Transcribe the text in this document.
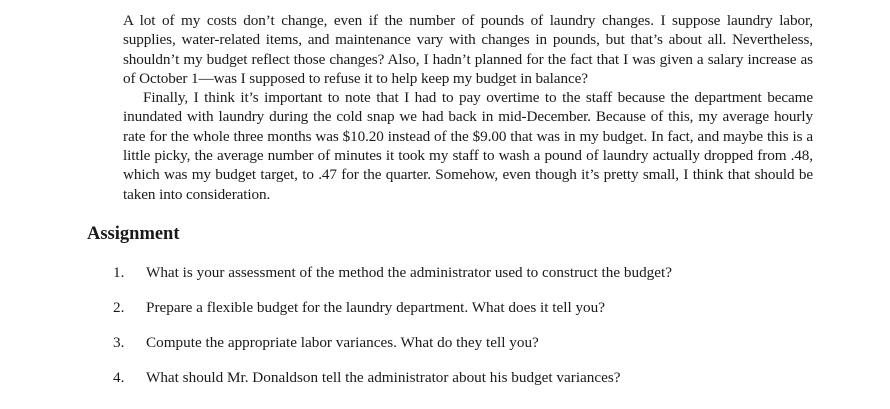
A lot of my costs don’t change, even if the number of pounds of laundry changes. I suppose laundry labor, supplies, water-related items, and maintenance vary with changes in pounds, but that’s about all. Nevertheless, shouldn’t my budget reflect those changes? Also, I hadn’t planned for the fact that I was given a salary increase as of October 1—was I supposed to refuse it to help keep my budget in balance?

Finally, I think it’s important to note that I had to pay overtime to the staff because the department became inundated with laundry during the cold snap we had back in mid-December. Because of this, my average hourly rate for the whole three months was $10.20 instead of the $9.00 that was in my budget. In fact, and maybe this is a little picky, the average number of minutes it took my staff to wash a pound of laundry actually dropped from .48, which was my budget target, to .47 for the quarter. Somehow, even though it’s pretty small, I think that should be taken into consideration.

Assignment
1. What is your assessment of the method the administrator used to construct the budget?
2. Prepare a flexible budget for the laundry department. What does it tell you?
3. Compute the appropriate labor variances. What do they tell you?
4. What should Mr. Donaldson tell the administrator about his budget variances?
